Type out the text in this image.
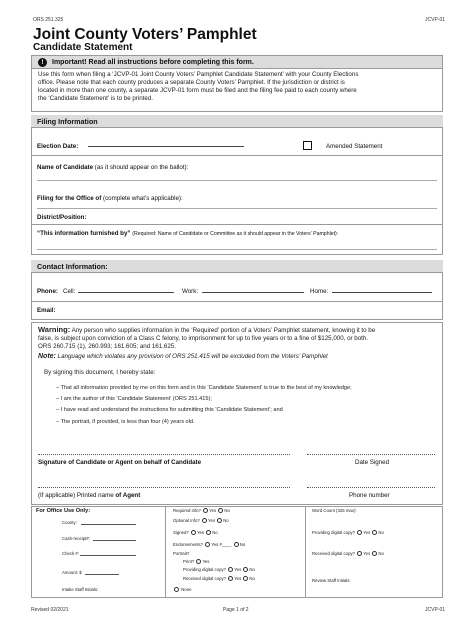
ORS 251.325	JCVP-01
Joint County Voters’ Pamphlet
Candidate Statement
!	Important! Read all instructions before completing this form.
Use this form when filing a ‘JCVP-01 Joint County Voters’ Pamphlet Candidate Statement’ with your County Elections
office. Please note that each county produces a separate County Voters’ Pamphlet. If the jurisdiction or district is
located in more than one county, a separate JCVP-01 form must be filed and the filing fee paid to each county where
the ‘Candidate Statement’ is to be printed.
Filing Information
Election Date:	Amended Statement
Name of Candidate (as it should appear on the ballot):
Filing for the Office of (complete what’s applicable):
District/Position:
“This information furnished by” (Required: Name of Candidate or Committee as it should appear in the Voters’ Pamphlet):
Contact Information:
Phone: Cell:	Work:	Home:
Email:
Warning: Any person who supplies information in the ‘Required’ portion of a Voters’ Pamphlet statement, knowing it to be
false, is subject upon conviction of a Class C felony, to imprisonment for up to five years or to a fine of $125,000, or both.
ORS 260.715 (1), 260.993; 161.605; and 161.625.
Note: Language which violates any provision of ORS 251.415 will be excluded from the Voters’ Pamphlet
By signing this document, I hereby state:
– That all information provided by me on this form and in this ‘Candidate Statement’ is true to the best of my knowledge;
– I am the author of this ‘Candidate Statement’ (ORS 251.415);
– I have read and understand the instructions for submitting this ‘Candidate Statement’; and
– The portrait, if provided, is less than four (4) years old.
Signature of Candidate or Agent on behalf of Candidate	Date Signed
(If applicable) Printed name of Agent	Phone number
For Office Use Only:
County:
Cash-receipt#:
Check #:
Amount: $
Intake Staff Initials:
Required info? Yes No
Optional Info? Yes No
Signed? Yes No
Endorsements? Yes #____ No
Portrait?
Print? Yes
Providing digital copy? Yes No
Received digital copy? Yes No
None
Word Count (325 max):
Providing digital copy? Yes No
Received digital copy? Yes No
Review Staff Initials:
Revised 02/2021	Page 1 of 2	JCVP-01
